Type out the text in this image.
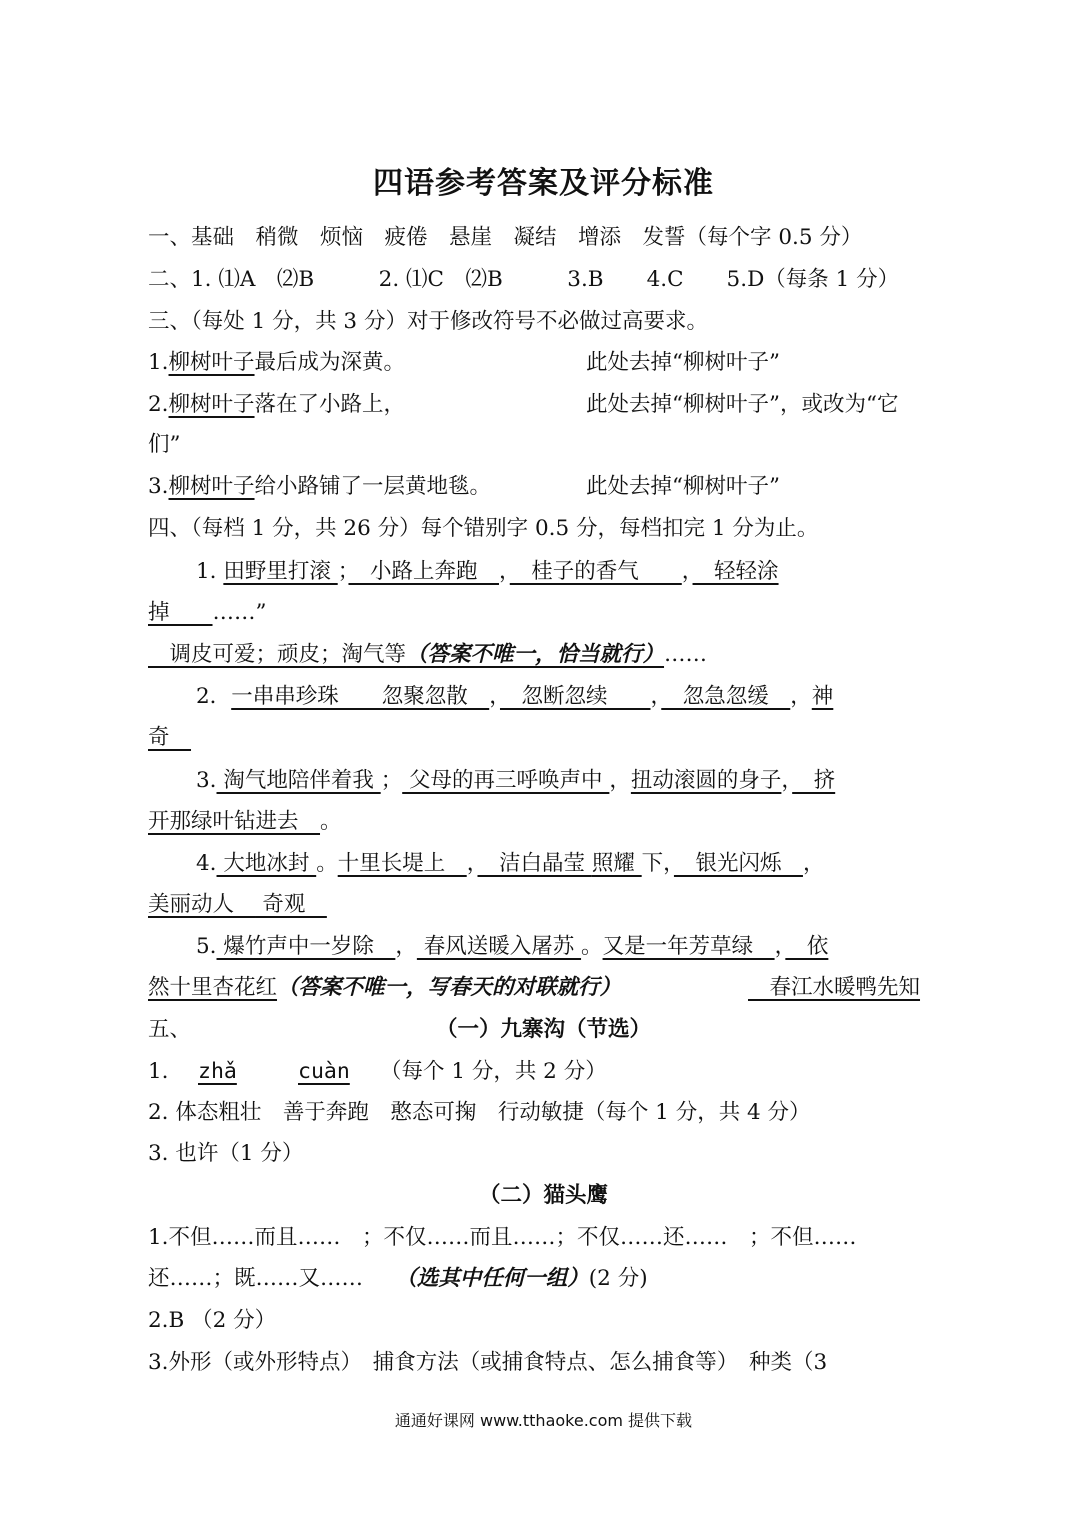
四语参考答案及评分标准
一、基础　稍微　烦恼　疲倦　悬崖　凝结　增添　发誓（每个字 0.5 分）
二、1. ⑴A　⑵B　　　2. ⑴C　⑵B　　　3.B　　4.C　　5.D（每条 1 分）
三、（每处 1 分，共 3 分）对于修改符号不必做过高要求。
1.柳树叶子最后成为深黄。	此处去掉“柳树叶子”
2.柳树叶子落在了小路上，	此处去掉“柳树叶子”，或改为“它
们”
3.柳树叶子给小路铺了一层黄地毯。	此处去掉“柳树叶子”
四、（每档 1 分，共 26 分）每个错别字 0.5 分，每档扣完 1 分为止。
1. 田野里打滚 ；　小路上奔跑　，　桂子的香气　　，　轻轻涂
掉　　……”
　调皮可爱；顽皮；淘气等（答案不唯一，恰当就行）……
2．一串串珍珠　　忽聚忽散　，　忽断忽续　　，　忽急忽缓　，神
奇　
3. 淘气地陪伴着我 ； 父母的再三呼唤声中 ，扭动滚圆的身子，　挤
开那绿叶钻进去　。
4. 大地冰封 。十里长堤上　，　洁白晶莹 照耀 下，　银光闪烁　，
美丽动人　 奇观　
5. 爆竹声中一岁除　， 春风送暖入屠苏 。又是一年芳草绿　，　依
然十里杏花红（答案不唯一，写春天的对联就行）	　春江水暖鸭先知
五、	（一）九寨沟（节选）
1. zhǎ	cuàn （每个 1 分，共 2 分）
2. 体态粗壮　善于奔跑　憨态可掬　行动敏捷（每个 1 分，共 4 分）
3. 也许（1 分）
（二）猫头鹰
1.不但……而且……　；不仅……而且……；不仅……还……　；不但……
还……；既……又……　　 （选其中任何一组）(2 分)
2.B （2 分）
3.外形（或外形特点）　捕食方法（或捕食特点、怎么捕食等）　种类（3
通通好课网 www.tthaoke.com 提供下载
